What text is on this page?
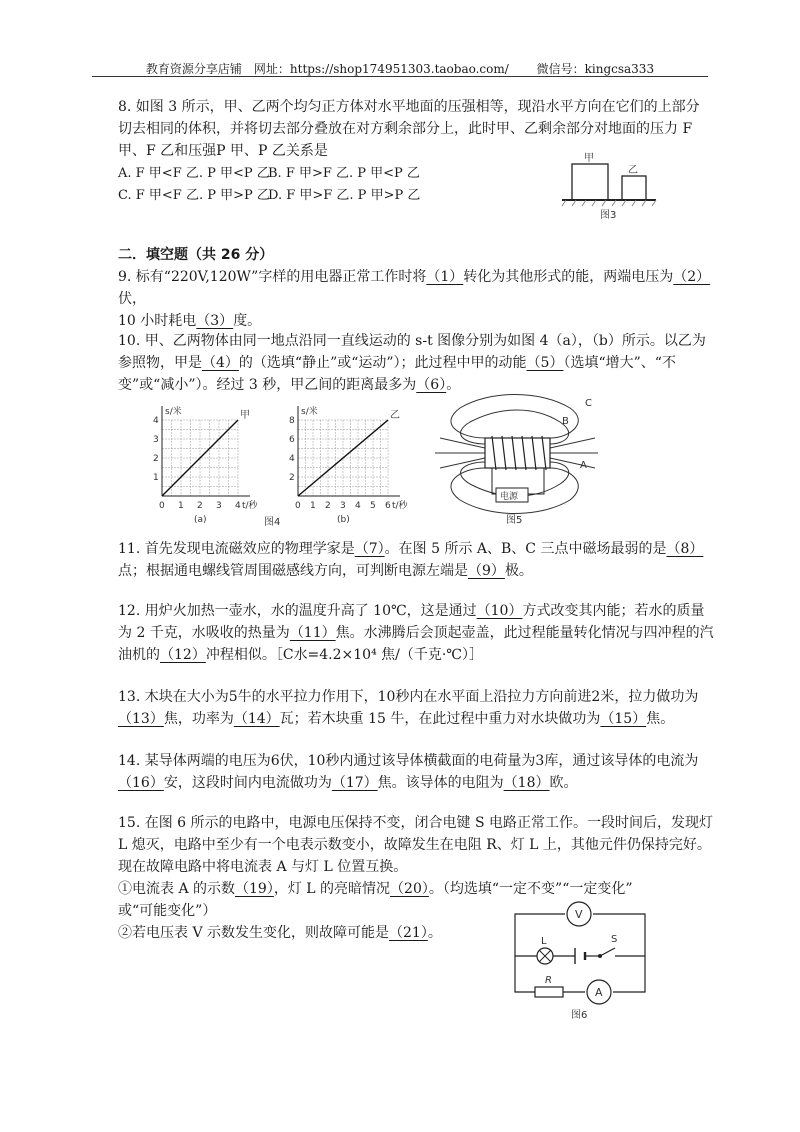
教育资源分享店铺　网址：https://shop174951303.taobao.com/　　 微信号：kingcsa333
8. 如图 3 所示，甲、乙两个均匀正方体对水平地面的压强相等，现沿水平方向在它们的上部分切去相同的体积，并将切去部分叠放在对方剩余部分上，此时甲、乙剩余部分对地面的压力 F 甲、F 乙和压强P 甲、P 乙关系是
A. F 甲<F 乙. P 甲<P 乙
B. F 甲>F 乙. P 甲<P 乙
C. F 甲<F 乙. P 甲>P 乙
D. F 甲>F 乙. P 甲>P 乙
甲
乙
图3
二．填空题（共 26 分）
9. 标有“220V,120W”字样的用电器正常工作时将（1）转化为其他形式的能，两端电压为（2）伏，
10 小时耗电（3）度。
10. 甲、乙两物体由同一地点沿同一直线运动的 s-t 图像分别为如图 4（a），（b）所示。以乙为参照物，甲是（4）的（选填“静止”或“运动”）；此过程中甲的动能（5）（选填“增大”、“不变”或“减小”）。经过 3 秒，甲乙间的距离最多为（6）。
甲
s/米
t/秒
1
2
3
4
0 1 2 3 4
(a)
乙
s/米
t/秒
2
4
6
8
0 1 2 3 4 5 6
(b)
图4
电源
A
B
C
图5
11. 首先发现电流磁效应的物理学家是（7）。在图 5 所示 A、B、C 三点中磁场最弱的是（8）点；根据通电螺线管周围磁感线方向，可判断电源左端是（9）极。
12. 用炉火加热一壶水，水的温度升高了 10℃，这是通过（10）方式改变其内能；若水的质量为 2 千克，水吸收的热量为（11）焦。水沸腾后会顶起壶盖，此过程能量转化情况与四冲程的汽油机的（12）冲程相似。［C水=4.2×10⁴ 焦/（千克·℃）］
13. 木块在大小为5牛的水平拉力作用下，10秒内在水平面上沿拉力方向前进2米，拉力做功为（13）焦，功率为（14）瓦；若木块重 15 牛，在此过程中重力对水块做功为（15）焦。
14. 某导体两端的电压为6伏，10秒内通过该导体横截面的电荷量为3库，通过该导体的电流为（16）安，这段时间内电流做功为（17）焦。该导体的电阻为（18）欧。
15. 在图 6 所示的电路中，电源电压保持不变，闭合电键 S 电路正常工作。一段时间后，发现灯 L 熄灭，电路中至少有一个电表示数变小，故障发生在电阻 R、灯 L 上，其他元件仍保持完好。现在故障电路中将电流表 A 与灯 L 位置互换。
①电流表 A 的示数（19），灯 L 的亮暗情况（20）。（均选填“一定不变”“一定变化”
或“可能变化”）
②若电压表 V 示数发生变化，则故障可能是（21）。
V
L	S
R
A
图6
